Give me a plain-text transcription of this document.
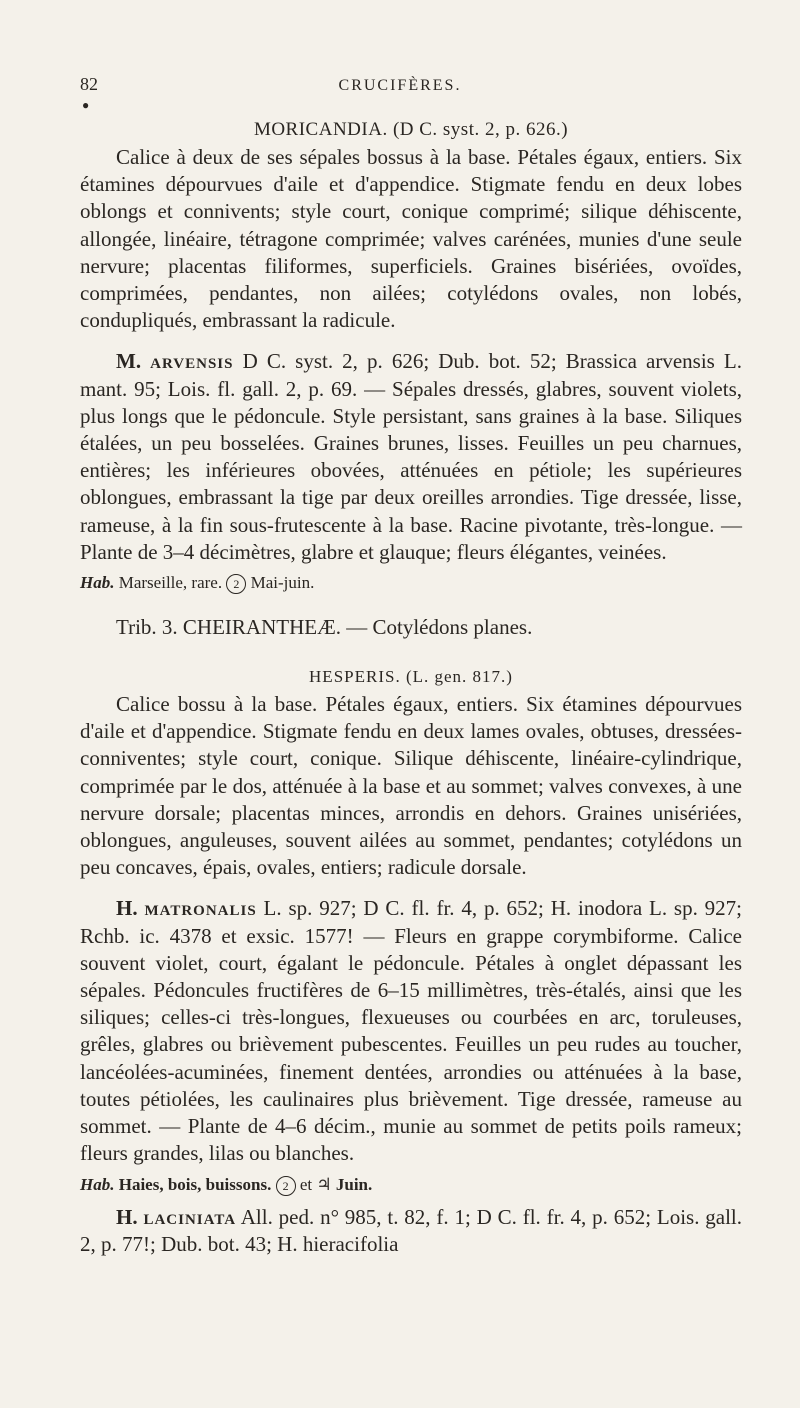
82	CRUCIFÈRES.
●

MORICANDIA. (D C. syst. 2, p. 626.)

Calice à deux de ses sépales bossus à la base. Pétales égaux, entiers. Six étamines dépourvues d'aile et d'appendice. Stigmate fendu en deux lobes oblongs et connivents; style court, conique comprimé; silique déhiscente, allongée, linéaire, tétragone comprimée; valves carénées, munies d'une seule nervure; placentas filiformes, superficiels. Graines bisériées, ovoïdes, comprimées, pendantes, non ailées; cotylédons ovales, non lobés, condupliqués, embrassant la radicule.

M. arvensis D C. syst. 2, p. 626; Dub. bot. 52; Brassica arvensis L. mant. 95; Lois. fl. gall. 2, p. 69. — Sépales dressés, glabres, souvent violets, plus longs que le pédoncule. Style persistant, sans graines à la base. Siliques étalées, un peu bosselées. Graines brunes, lisses. Feuilles un peu charnues, entières; les inférieures obovées, atténuées en pétiole; les supérieures oblongues, embrassant la tige par deux oreilles arrondies. Tige dressée, lisse, rameuse, à la fin sous-frutescente à la base. Racine pivotante, très-longue. — Plante de 3–4 décimètres, glabre et glauque; fleurs élégantes, veinées.

Hab. Marseille, rare. 2 Mai-juin.

Trib. 3. CHEIRANTHEÆ. — Cotylédons planes.

HESPERIS. (L. gen. 817.)

Calice bossu à la base. Pétales égaux, entiers. Six étamines dépourvues d'aile et d'appendice. Stigmate fendu en deux lames ovales, obtuses, dressées-conniventes; style court, conique. Silique déhiscente, linéaire-cylindrique, comprimée par le dos, atténuée à la base et au sommet; valves convexes, à une nervure dorsale; placentas minces, arrondis en dehors. Graines unisériées, oblongues, anguleuses, souvent ailées au sommet, pendantes; cotylédons un peu concaves, épais, ovales, entiers; radicule dorsale.

H. matronalis L. sp. 927; D C. fl. fr. 4, p. 652; H. inodora L. sp. 927; Rchb. ic. 4378 et exsic. 1577! — Fleurs en grappe corymbiforme. Calice souvent violet, court, égalant le pédoncule. Pétales à onglet dépassant les sépales. Pédoncules fructifères de 6–15 millimètres, très-étalés, ainsi que les siliques; celles-ci très-longues, flexueuses ou courbées en arc, toruleuses, grêles, glabres ou brièvement pubescentes. Feuilles un peu rudes au toucher, lancéolées-acuminées, finement dentées, arrondies ou atténuées à la base, toutes pétiolées, les caulinaires plus brièvement. Tige dressée, rameuse au sommet. — Plante de 4–6 décim., munie au sommet de petits poils rameux; fleurs grandes, lilas ou blanches.

Hab. Haies, bois, buissons. 2 et ♃ Juin.

H. laciniata All. ped. n° 985, t. 82, f. 1; D C. fl. fr. 4, p. 652; Lois. gall. 2, p. 77!; Dub. bot. 43; H. hieracifolia
